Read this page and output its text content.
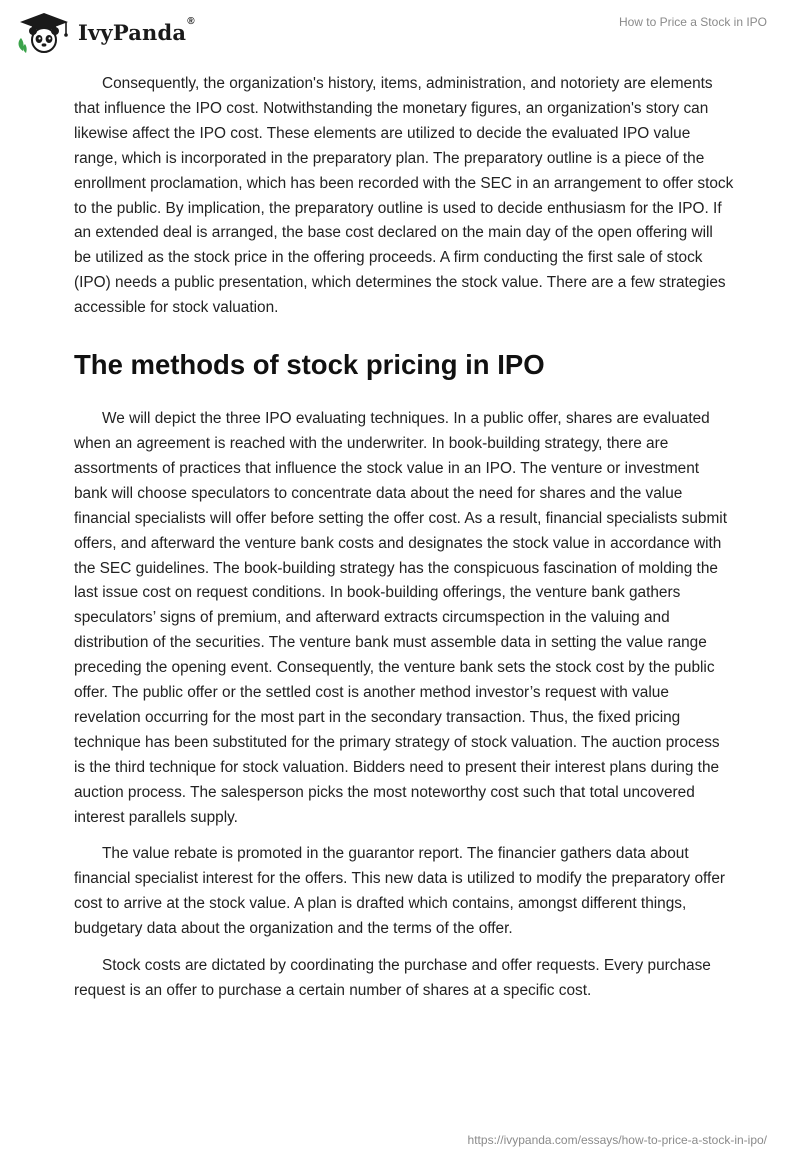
IvyPanda®	How to Price a Stock in IPO

Consequently, the organization's history, items, administration, and notoriety are elements that influence the IPO cost. Notwithstanding the monetary figures, an organization's story can likewise affect the IPO cost. These elements are utilized to decide the evaluated IPO value range, which is incorporated in the preparatory plan. The preparatory outline is a piece of the enrollment proclamation, which has been recorded with the SEC in an arrangement to offer stock to the public. By implication, the preparatory outline is used to decide enthusiasm for the IPO. If an extended deal is arranged, the base cost declared on the main day of the open offering will be utilized as the stock price in the offering proceeds. A firm conducting the first sale of stock (IPO) needs a public presentation, which determines the stock value. There are a few strategies accessible for stock valuation.

The methods of stock pricing in IPO

We will depict the three IPO evaluating techniques. In a public offer, shares are evaluated when an agreement is reached with the underwriter. In book-building strategy, there are assortments of practices that influence the stock value in an IPO. The venture or investment bank will choose speculators to concentrate data about the need for shares and the value financial specialists will offer before setting the offer cost. As a result, financial specialists submit offers, and afterward the venture bank costs and designates the stock value in accordance with the SEC guidelines. The book-building strategy has the conspicuous fascination of molding the last issue cost on request conditions. In book-building offerings, the venture bank gathers speculators’ signs of premium, and afterward extracts circumspection in the valuing and distribution of the securities. The venture bank must assemble data in setting the value range preceding the opening event. Consequently, the venture bank sets the stock cost by the public offer. The public offer or the settled cost is another method investor’s request with value revelation occurring for the most part in the secondary transaction. Thus, the fixed pricing technique has been substituted for the primary strategy of stock valuation. The auction process is the third technique for stock valuation. Bidders need to present their interest plans during the auction process. The salesperson picks the most noteworthy cost such that total uncovered interest parallels supply.

The value rebate is promoted in the guarantor report. The financier gathers data about financial specialist interest for the offers. This new data is utilized to modify the preparatory offer cost to arrive at the stock value. A plan is drafted which contains, amongst different things, budgetary data about the organization and the terms of the offer.

Stock costs are dictated by coordinating the purchase and offer requests. Every purchase request is an offer to purchase a certain number of shares at a specific cost.

https://ivypanda.com/essays/how-to-price-a-stock-in-ipo/
